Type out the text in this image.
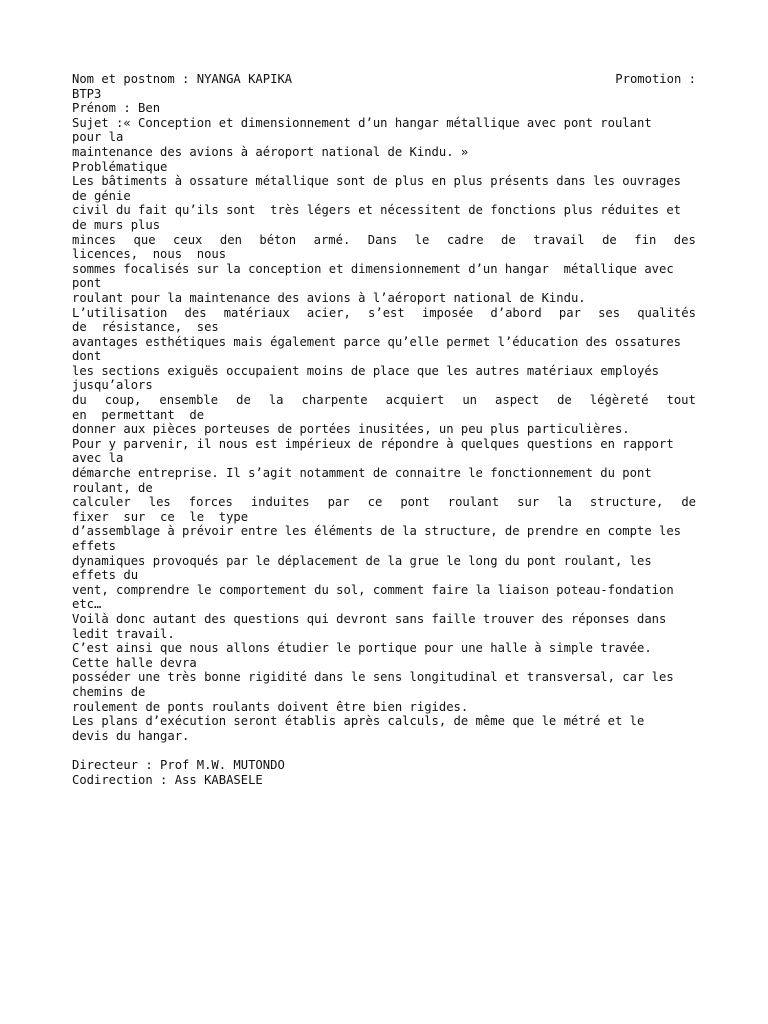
Nom et postnom : NYANGA KAPIKA	Promotion :
BTP3
Prénom : Ben
Sujet :« Conception et dimensionnement d’un hangar métallique avec pont roulant
pour la
maintenance des avions à aéroport national de Kindu. »
Problématique
Les bâtiments à ossature métallique sont de plus en plus présents dans les ouvrages
de génie
civil du fait qu’ils sont  très légers et nécessitent de fonctions plus réduites et
de murs plus
minces que ceux den béton armé. Dans le cadre de travail de fin des
licences,  nous  nous
sommes focalisés sur la conception et dimensionnement d’un hangar  métallique avec
pont
roulant pour la maintenance des avions à l’aéroport national de Kindu.
L’utilisation des matériaux acier, s’est imposée d’abord par ses qualités
de  résistance,  ses
avantages esthétiques mais également parce qu’elle permet l’éducation des ossatures
dont
les sections exiguës occupaient moins de place que les autres matériaux employés
jusqu’alors
du coup, ensemble de la charpente acquiert un aspect de légèreté tout
en  permettant  de
donner aux pièces porteuses de portées inusitées, un peu plus particulières.
Pour y parvenir, il nous est impérieux de répondre à quelques questions en rapport
avec la
démarche entreprise. Il s’agit notamment de connaitre le fonctionnement du pont
roulant, de
calculer les forces induites par ce pont roulant sur la structure, de
fixer  sur  ce  le  type
d’assemblage à prévoir entre les éléments de la structure, de prendre en compte les
effets
dynamiques provoqués par le déplacement de la grue le long du pont roulant, les
effets du
vent, comprendre le comportement du sol, comment faire la liaison poteau-fondation
etc…
Voilà donc autant des questions qui devront sans faille trouver des réponses dans
ledit travail.
C’est ainsi que nous allons étudier le portique pour une halle à simple travée.
Cette halle devra
posséder une très bonne rigidité dans le sens longitudinal et transversal, car les
chemins de
roulement de ponts roulants doivent être bien rigides.
Les plans d’exécution seront établis après calculs, de même que le métré et le
devis du hangar.
Directeur : Prof M.W. MUTONDO
Codirection : Ass KABASELE
